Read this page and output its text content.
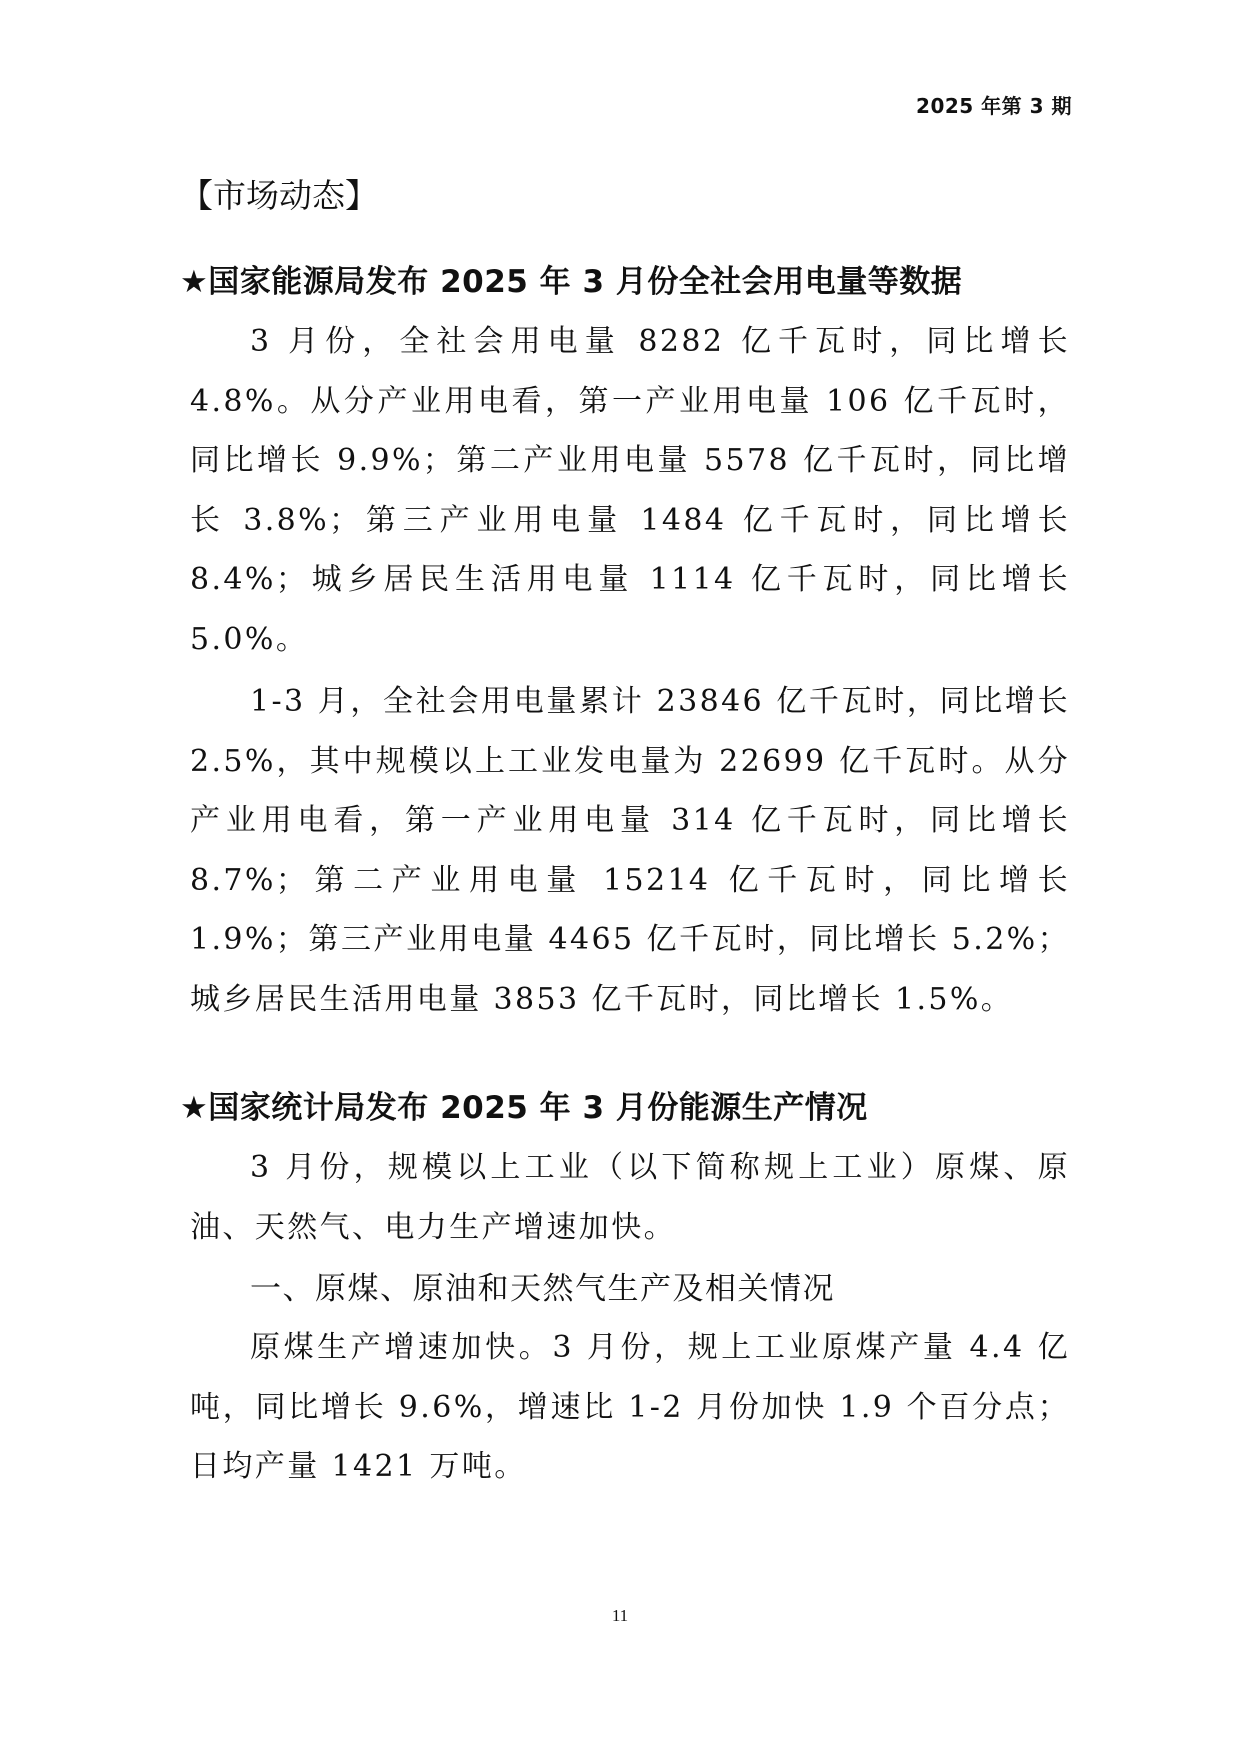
2025 年第 3 期
【市场动态】
★国家能源局发布 2025 年 3 月份全社会用电量等数据

3 月份，全社会用电量 8282 亿千瓦时，同比增长 4.8%。从分产业用电看，第一产业用电量 106 亿千瓦时，同比增长 9.9%；第二产业用电量 5578 亿千瓦时，同比增长 3.8%；第三产业用电量 1484 亿千瓦时，同比增长 8.4%；城乡居民生活用电量 1114 亿千瓦时，同比增长 5.0%。

1-3 月，全社会用电量累计 23846 亿千瓦时，同比增长 2.5%，其中规模以上工业发电量为 22699 亿千瓦时。从分产业用电看，第一产业用电量 314 亿千瓦时，同比增长 8.7%；第二产业用电量 15214 亿千瓦时，同比增长 1.9%；第三产业用电量 4465 亿千瓦时，同比增长 5.2%；城乡居民生活用电量 3853 亿千瓦时，同比增长 1.5%。

★国家统计局发布 2025 年 3 月份能源生产情况

3 月份，规模以上工业（以下简称规上工业）原煤、原油、天然气、电力生产增速加快。

一、原煤、原油和天然气生产及相关情况

原煤生产增速加快。3 月份，规上工业原煤产量 4.4 亿吨，同比增长 9.6%，增速比 1-2 月份加快 1.9 个百分点；日均产量 1421 万吨。

11
